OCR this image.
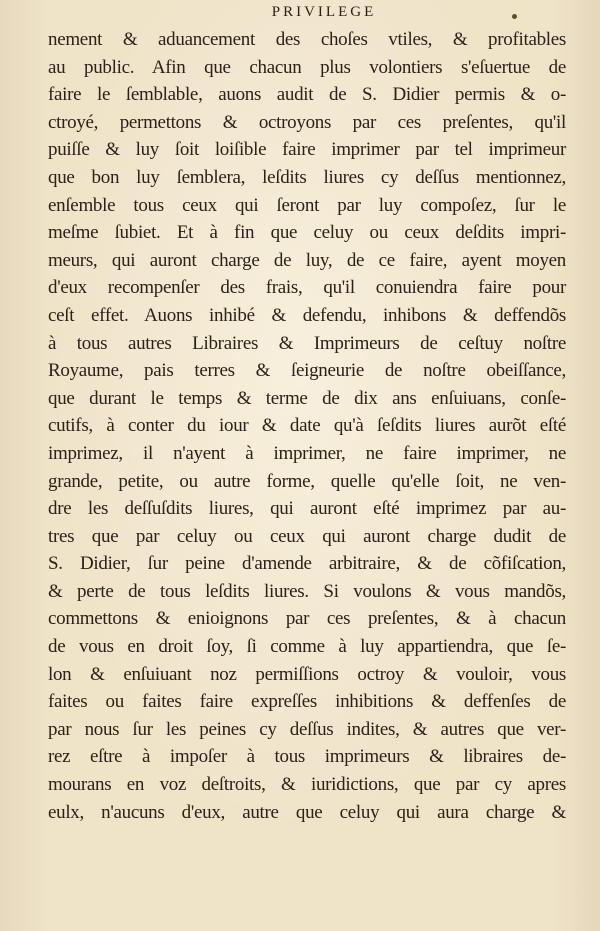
PRIVILEGE
nement & aduancement des choſes vtiles, & profitables
au public. Afin que chacun plus volontiers s'eſuertue de
faire le ſemblable, auons audit de S. Didier permis & o-
ctroyé, permettons & octroyons par ces preſentes, qu'il
puiſſe & luy ſoit loiſible faire imprimer par tel imprimeur
que bon luy ſemblera, leſdits liures cy deſſus mentionnez,
enſemble tous ceux qui ſeront par luy compoſez, ſur le
meſme ſubiet. Et à fin que celuy ou ceux deſdits impri-
meurs, qui auront charge de luy, de ce faire, ayent moyen
d'eux recompenſer des frais, qu'il conuiendra faire pour
ceſt effet. Auons inhibé & defendu, inhibons & deffendõs
à tous autres Libraires & Imprimeurs de ceſtuy noſtre
Royaume, pais terres & ſeigneurie de noſtre obeiſſance,
que durant le temps & terme de dix ans enſuiuans, conſe-
cutifs, à conter du iour & date qu'à ſeſdits liures aurõt eſté
imprimez, il n'ayent à imprimer, ne faire imprimer, ne
grande, petite, ou autre forme, quelle qu'elle ſoit, ne ven-
dre les deſſuſdits liures, qui auront eſté imprimez par au-
tres que par celuy ou ceux qui auront charge dudit de
S. Didier, ſur peine d'amende arbitraire, & de cõfiſcation,
& perte de tous leſdits liures. Si voulons & vous mandõs,
commettons & enioignons par ces preſentes, & à chacun
de vous en droit ſoy, ſi comme à luy appartiendra, que ſe-
lon & enſuiuant noz permiſſions octroy & vouloir, vous
faites ou faites faire expreſſes inhibitions & deffenſes de
par nous ſur les peines cy deſſus indites, & autres que ver-
rez eſtre à impoſer à tous imprimeurs & libraires de-
mourans en voz deſtroits, & iuridictions, que par cy apres
eulx, n'aucuns d'eux, autre que celuy qui aura charge &
